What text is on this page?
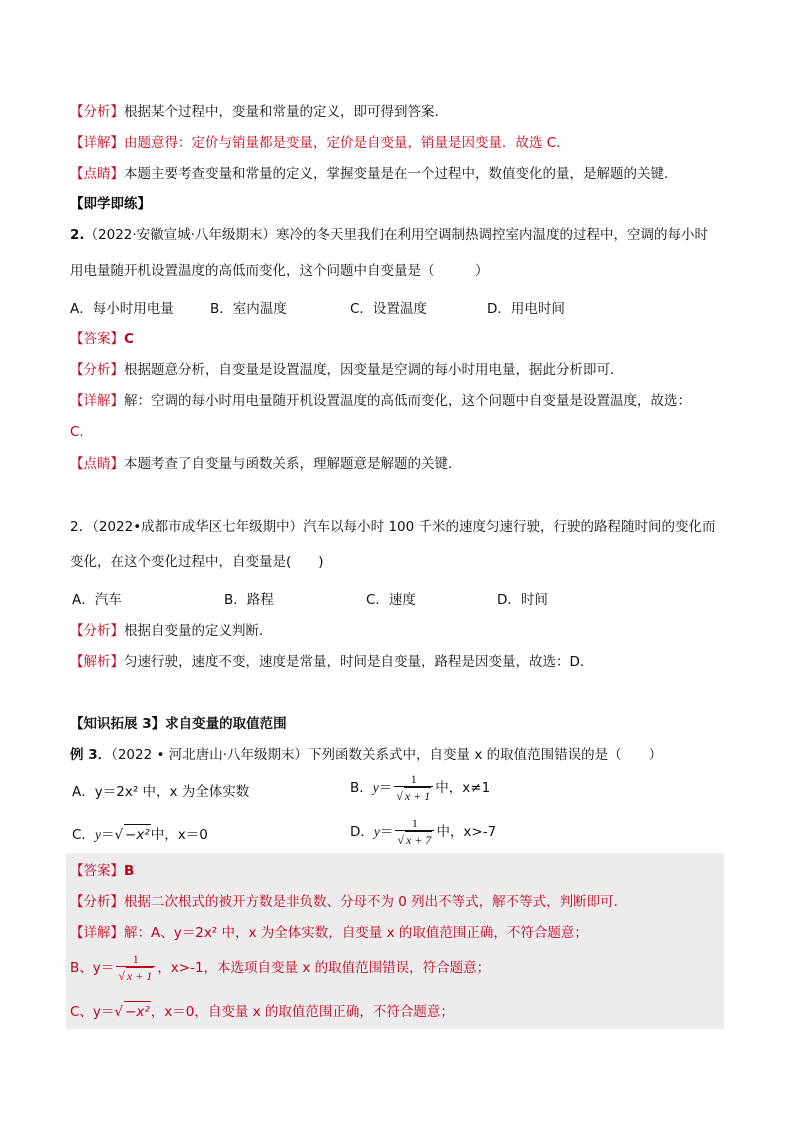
【分析】根据某个过程中，变量和常量的定义，即可得到答案．
【详解】由题意得：定价与销量都是变量，定价是自变量，销量是因变量．故选 C．
【点睛】本题主要考查变量和常量的定义，掌握变量是在一个过程中，数值变化的量，是解题的关键．
【即学即练】
2.（2022·安徽宣城·八年级期末）寒冷的冬天里我们在利用空调制热调控室内温度的过程中，空调的每小时
用电量随开机设置温度的高低而变化，这个问题中自变量是（　　　）
A．每小时用电量	B．室内温度	C．设置温度	D．用电时间
【答案】C
【分析】根据题意分析，自变量是设置温度，因变量是空调的每小时用电量，据此分析即可．
【详解】解：空调的每小时用电量随开机设置温度的高低而变化，这个问题中自变量是设置温度，故选：
C.
【点睛】本题考查了自变量与函数关系，理解题意是解题的关键．
2．（2022•成都市成华区七年级期中）汽车以每小时 100 千米的速度匀速行驶，行驶的路程随时间的变化而
变化，在这个变化过程中，自变量是(　　)
A．汽车	B．路程	C．速度	D．时间
【分析】根据自变量的定义判断．
【解析】匀速行驶，速度不变，速度是常量，时间是自变量，路程是因变量，故选：D．
【知识拓展 3】求自变量的取值范围
例 3．（2022 • 河北唐山·八年级期末）下列函数关系式中，自变量 x 的取值范围错误的是（　　）
A．y＝2x² 中，x 为全体实数	B．$y= \frac{1}{√ x + 1}$ 中，x≠1
C．y＝√ −x²中，x＝0	D．$y= \frac{1}{√ x + 7}$ 中，x>-7
【答案】B
【分析】根据二次根式的被开方数是非负数、分母不为 0 列出不等式，解不等式，判断即可．
【详解】解：A、y＝2x² 中，x 为全体实数，自变量 x 的取值范围正确，不符合题意；
B、$y= \frac{1}{√ x + 1}$ ，x>-1，本选项自变量 x 的取值范围错误，符合题意；
C、y＝√ −x²，x＝0，自变量 x 的取值范围正确，不符合题意；
